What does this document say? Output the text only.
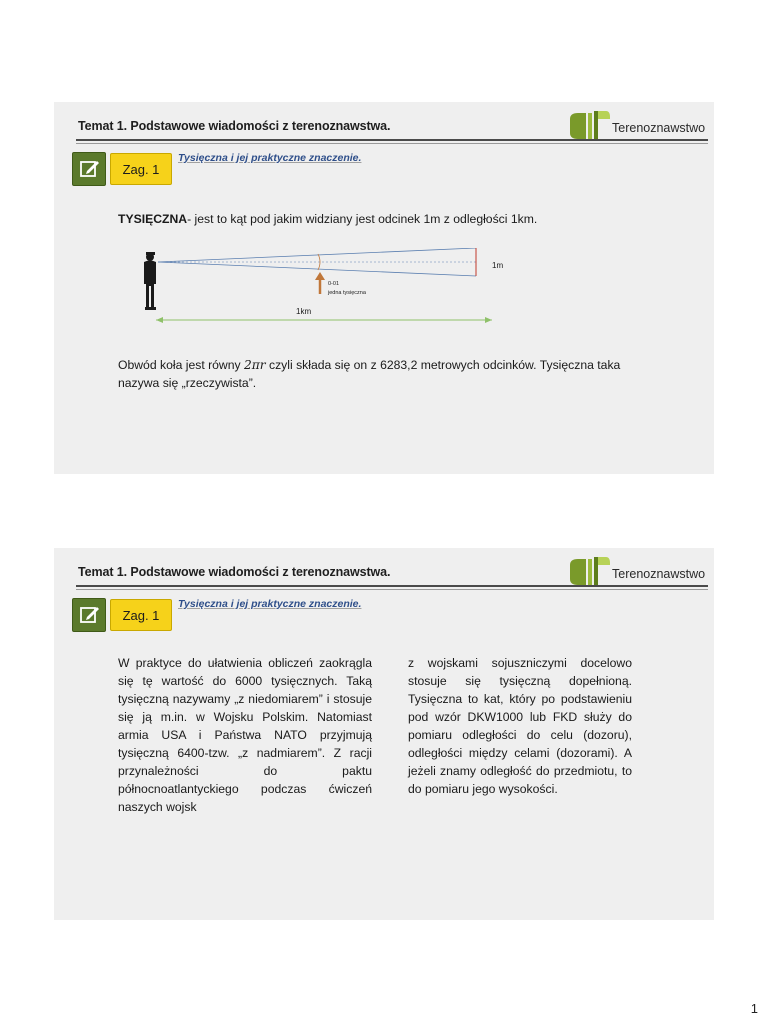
Temat 1. Podstawowe wiadomości z terenoznawstwa.	Terenoznawstwo
Zag. 1
Tysięczna i jej praktyczne znaczenie.
TYSIĘCZNA- jest to kąt pod jakim widziany jest odcinek 1m z odległości 1km.
1m
0-01
jedna tysięczna
1km
Obwód koła jest równy 2πr czyli składa się on z 6283,2 metrowych odcinków. Tysięczna taka nazywa się „rzeczywista”.
Temat 1. Podstawowe wiadomości z terenoznawstwa.	Terenoznawstwo
Zag. 1
Tysięczna i jej praktyczne znaczenie.
W praktyce do ułatwienia obliczeń zaokrągla się tę wartość do 6000 tysięcznych. Taką tysięczną nazywamy „z niedomiarem” i stosuje się ją m.in. w Wojsku Polskim. Natomiast armia USA i Państwa NATO przyjmują tysięczną 6400-tzw. „z nadmiarem”. Z racji przynależności do paktu północnoatlantyckiego podczas ćwiczeń naszych wojsk
z wojskami sojuszniczymi docelowo stosuje się tysięczną dopełnioną. Tysięczna to kat, który po podstawieniu pod wzór DKW1000 lub FKD służy do pomiaru odległości do celu (dozoru), odległości między celami (dozorami). A jeżeli znamy odległość do przedmiotu, to do pomiaru jego wysokości.
1
